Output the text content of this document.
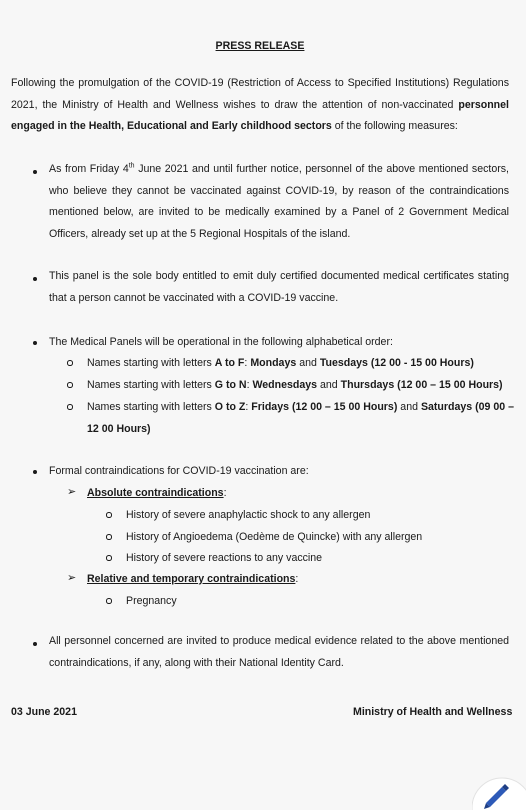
PRESS RELEASE
Following the promulgation of the COVID-19 (Restriction of Access to Specified Institutions) Regulations 2021, the Ministry of Health and Wellness wishes to draw the attention of non-vaccinated personnel engaged in the Health, Educational and Early childhood sectors of the following measures:
As from Friday 4th June 2021 and until further notice, personnel of the above mentioned sectors, who believe they cannot be vaccinated against COVID-19, by reason of the contraindications mentioned below, are invited to be medically examined by a Panel of 2 Government Medical Officers, already set up at the 5 Regional Hospitals of the island.
This panel is the sole body entitled to emit duly certified documented medical certificates stating that a person cannot be vaccinated with a COVID-19 vaccine.
The Medical Panels will be operational in the following alphabetical order:
Names starting with letters A to F: Mondays and Tuesdays (12 00 - 15 00 Hours)
Names starting with letters G to N: Wednesdays and Thursdays (12 00 – 15 00 Hours)
Names starting with letters O to Z: Fridays (12 00 – 15 00 Hours) and Saturdays (09 00 –
12 00 Hours)
Formal contraindications for COVID-19 vaccination are:
➢ Absolute contraindications:
History of severe anaphylactic shock to any allergen
History of Angioedema (Oedème de Quincke) with any allergen
History of severe reactions to any vaccine
➢ Relative and temporary contraindications:
Pregnancy
All personnel concerned are invited to produce medical evidence related to the above mentioned contraindications, if any, along with their National Identity Card.
03 June 2021	Ministry of Health and Wellness
